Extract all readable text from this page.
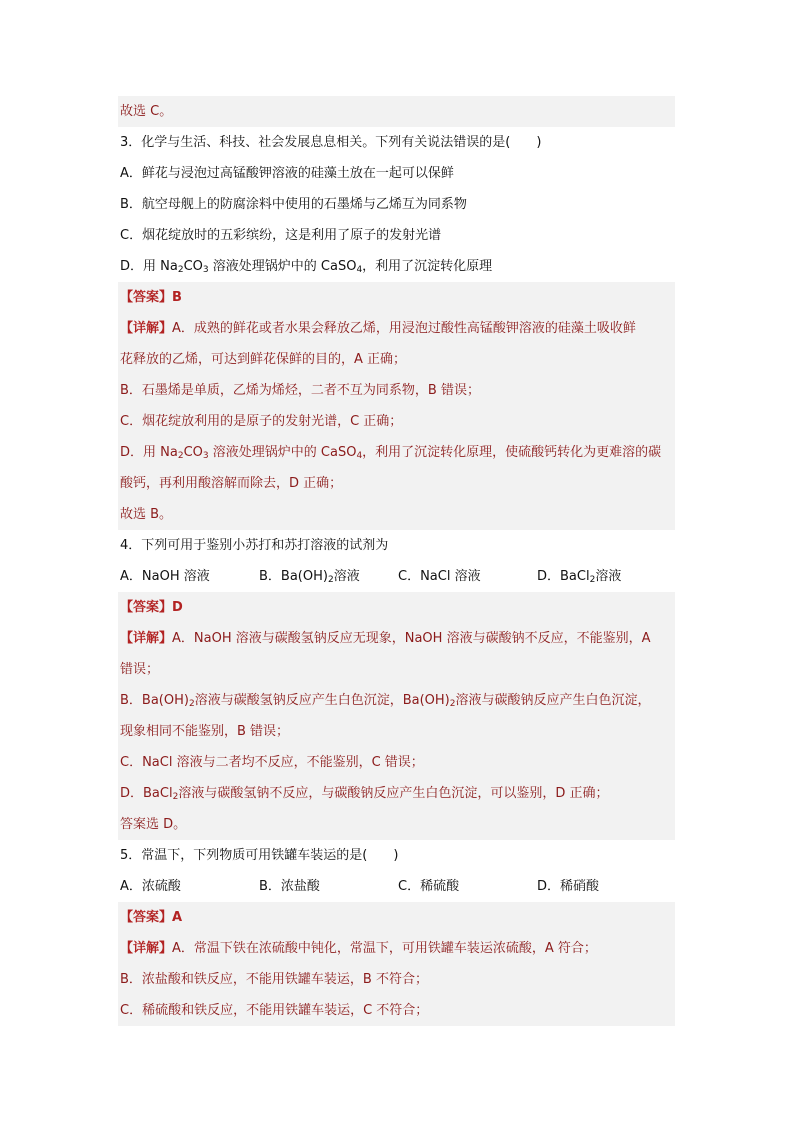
故选 C。
3．化学与生活、科技、社会发展息息相关。下列有关说法错误的是(　　)
A．鲜花与浸泡过高锰酸钾溶液的硅藻土放在一起可以保鲜
B．航空母舰上的防腐涂料中使用的石墨烯与乙烯互为同系物
C．烟花绽放时的五彩缤纷，这是利用了原子的发射光谱
D．用 $Na_2CO_3$ 溶液处理锅炉中的 CaSO$_4$，利用了沉淀转化原理
【答案】B
【详解】A．成熟的鲜花或者水果会释放乙烯，用浸泡过酸性高锰酸钾溶液的硅藻土吸收鲜
花释放的乙烯，可达到鲜花保鲜的目的，A 正确；
B．石墨烯是单质，乙烯为烯烃，二者不互为同系物，B 错误；
C．烟花绽放利用的是原子的发射光谱，C 正确；
D．用 $Na_2CO_3$ 溶液处理锅炉中的 CaSO$_4$，利用了沉淀转化原理，使硫酸钙转化为更难溶的碳
酸钙，再利用酸溶解而除去，D 正确；
故选 B。
4．下列可用于鉴别小苏打和苏打溶液的试剂为
A．NaOH 溶液	B．Ba(OH)2溶液	C．NaCl 溶液	D．BaCl2溶液
【答案】D
【详解】A．NaOH 溶液与碳酸氢钠反应无现象，NaOH 溶液与碳酸钠不反应，不能鉴别，A
错误；
B．$Ba(OH)_2$溶液与碳酸氢钠反应产生白色沉淀，$Ba(OH)_2$溶液与碳酸钠反应产生白色沉淀，
现象相同不能鉴别，B 错误；
C．NaCl 溶液与二者均不反应，不能鉴别，C 错误；
D．BaCl$_2$溶液与碳酸氢钠不反应，与碳酸钠反应产生白色沉淀，可以鉴别，D 正确；
答案选 D。
5．常温下，下列物质可用铁罐车装运的是(　　)
A．浓硫酸	B．浓盐酸	C．稀硫酸	D．稀硝酸
【答案】A
【详解】A．常温下铁在浓硫酸中钝化，常温下，可用铁罐车装运浓硫酸，A 符合；
B．浓盐酸和铁反应，不能用铁罐车装运，B 不符合；
C．稀硫酸和铁反应，不能用铁罐车装运，C 不符合；
